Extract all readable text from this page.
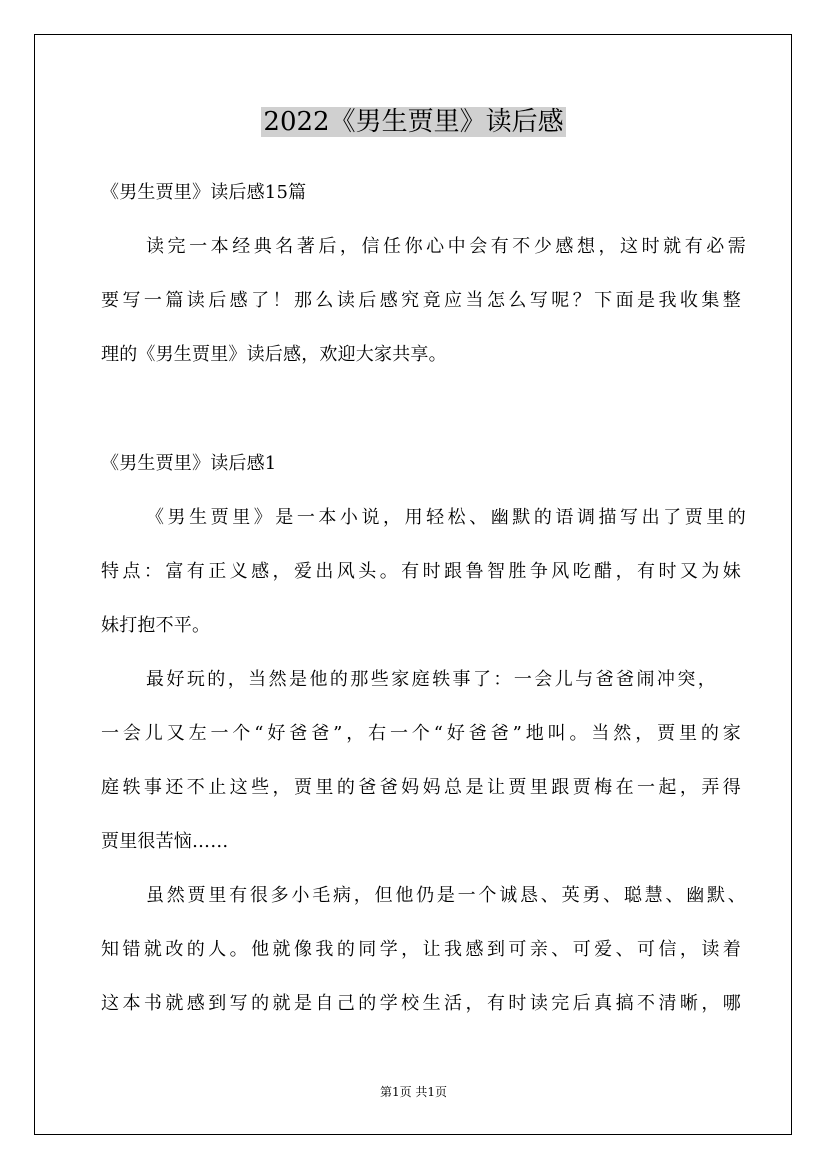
2022《男生贾里》读后感
《男生贾里》读后感15篇
读完一本经典名著后，信任你心中会有不少感想，这时就有必需
要写一篇读后感了！那么读后感究竟应当怎么写呢？下面是我收集整
理的《男生贾里》读后感，欢迎大家共享。
《男生贾里》读后感1
《男生贾里》是一本小说，用轻松、幽默的语调描写出了贾里的
特点：富有正义感，爱出风头。有时跟鲁智胜争风吃醋，有时又为妹
妹打抱不平。
最好玩的，当然是他的那些家庭轶事了：一会儿与爸爸闹冲突，
一会儿又左一个“好爸爸”，右一个“好爸爸”地叫。当然，贾里的家
庭轶事还不止这些，贾里的爸爸妈妈总是让贾里跟贾梅在一起，弄得
贾里很苦恼……
虽然贾里有很多小毛病，但他仍是一个诚恳、英勇、聪慧、幽默、
知错就改的人。他就像我的同学，让我感到可亲、可爱、可信，读着
这本书就感到写的就是自己的学校生活，有时读完后真搞不清晰，哪
第1页 共1页
